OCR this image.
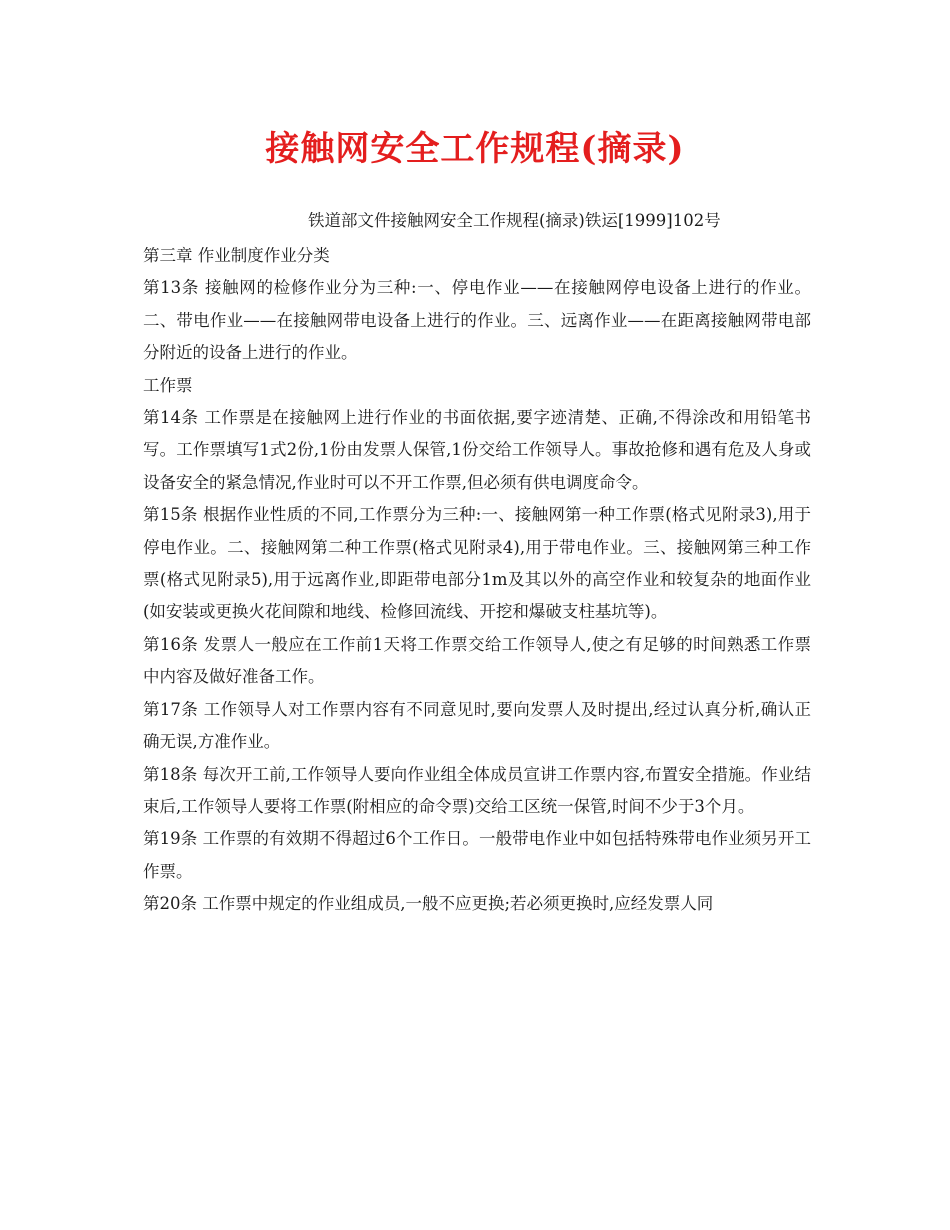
接触网安全工作规程(摘录)
铁道部文件接触网安全工作规程(摘录)铁运[1999]102号

第三章 作业制度作业分类

第13条 接触网的检修作业分为三种:一、停电作业——在接触网停电设备上进行的作业。二、带电作业——在接触网带电设备上进行的作业。三、远离作业——在距离接触网带电部分附近的设备上进行的作业。

工作票

第14条 工作票是在接触网上进行作业的书面依据,要字迹清楚、正确,不得涂改和用铅笔书写。工作票填写1式2份,1份由发票人保管,1份交给工作领导人。事故抢修和遇有危及人身或设备安全的紧急情况,作业时可以不开工作票,但必须有供电调度命令。

第15条 根据作业性质的不同,工作票分为三种:一、接触网第一种工作票(格式见附录3),用于停电作业。二、接触网第二种工作票(格式见附录4),用于带电作业。三、接触网第三种工作票(格式见附录5),用于远离作业,即距带电部分1m及其以外的高空作业和较复杂的地面作业(如安装或更换火花间隙和地线、检修回流线、开挖和爆破支柱基坑等)。

第16条 发票人一般应在工作前1天将工作票交给工作领导人,使之有足够的时间熟悉工作票中内容及做好准备工作。

第17条 工作领导人对工作票内容有不同意见时,要向发票人及时提出,经过认真分析,确认正确无误,方准作业。

第18条 每次开工前,工作领导人要向作业组全体成员宣讲工作票内容,布置安全措施。作业结束后,工作领导人要将工作票(附相应的命令票)交给工区统一保管,时间不少于3个月。

第19条 工作票的有效期不得超过6个工作日。一般带电作业中如包括特殊带电作业须另开工作票。

第20条 工作票中规定的作业组成员,一般不应更换;若必须更换时,应经发票人同
